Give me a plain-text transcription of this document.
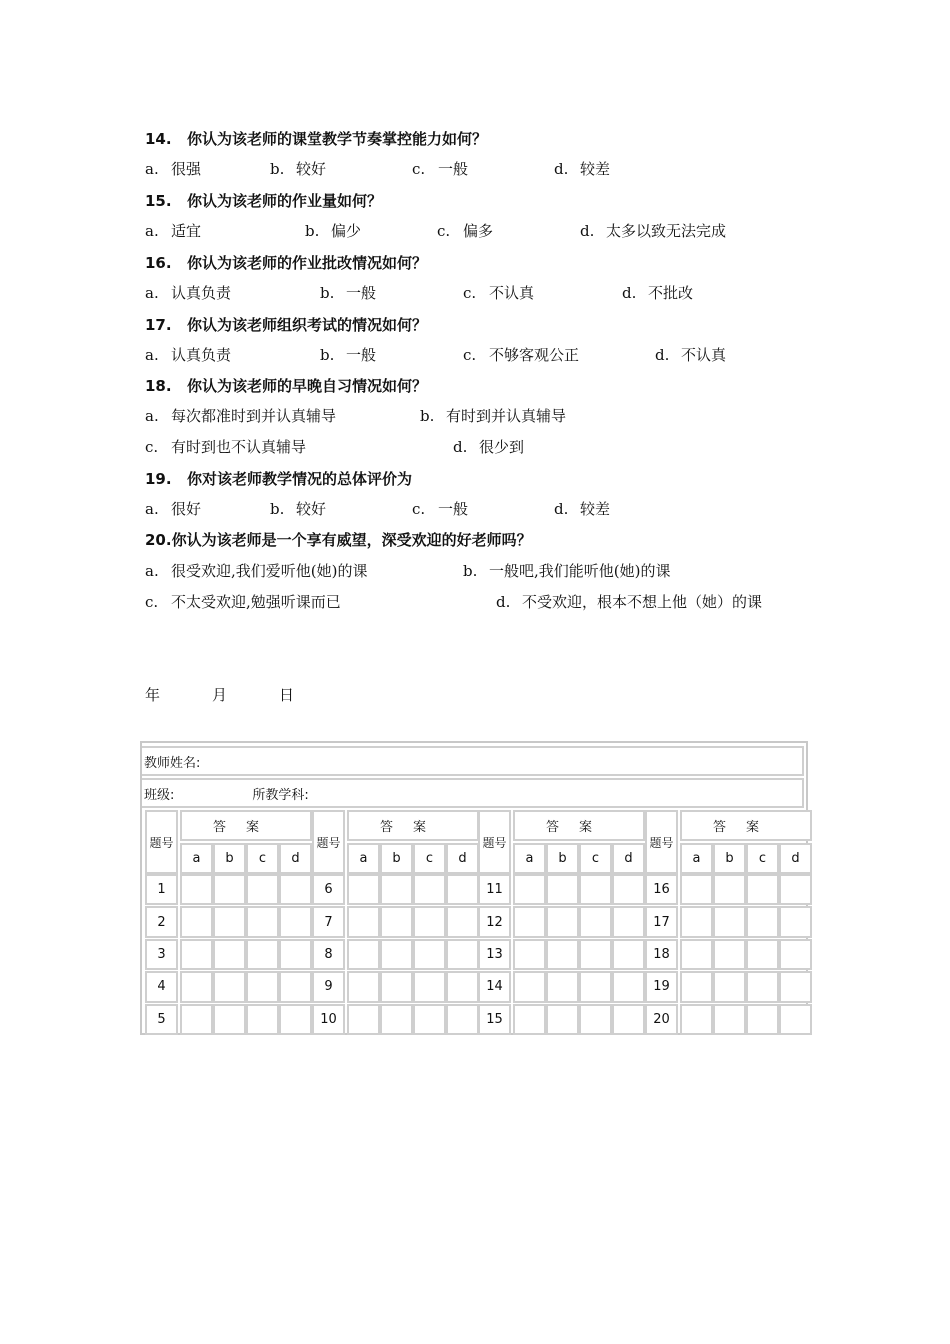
14. 你认为该老师的课堂教学节奏掌控能力如何？
a. 很强	b. 较好	c. 一般	d. 较差
15. 你认为该老师的作业量如何？
a. 适宜	b. 偏少	c. 偏多	d. 太多以致无法完成
16. 你认为该老师的作业批改情况如何？
a. 认真负责	b. 一般	c. 不认真	d. 不批改
17. 你认为该老师组织考试的情况如何？
a. 认真负责	b. 一般	c. 不够客观公正	d. 不认真
18. 你认为该老师的早晚自习情况如何？
a. 每次都准时到并认真辅导	b. 有时到并认真辅导
c. 有时到也不认真辅导	d. 很少到
19. 你对该老师教学情况的总体评价为
a. 很好	b. 较好	c. 一般	d. 较差
20.你认为该老师是一个享有威望，深受欢迎的好老师吗？
a. 很受欢迎,我们爱听他(她)的课	b. 一般吧,我们能听他(她)的课
c. 不太受欢迎,勉强听课而已	d. 不受欢迎，根本不想上他（她）的课
年	月	日
教师姓名:
班级:	所教学科:
题号
答案
a	b	c	d
题号
答案
a	b	c	d
题号
答案
a	b	c	d
题号
答案
a	b	c	d
1	6	11	16
2	7	12	17
3	8	13	18
4	9	14	19
5	10	15	20
